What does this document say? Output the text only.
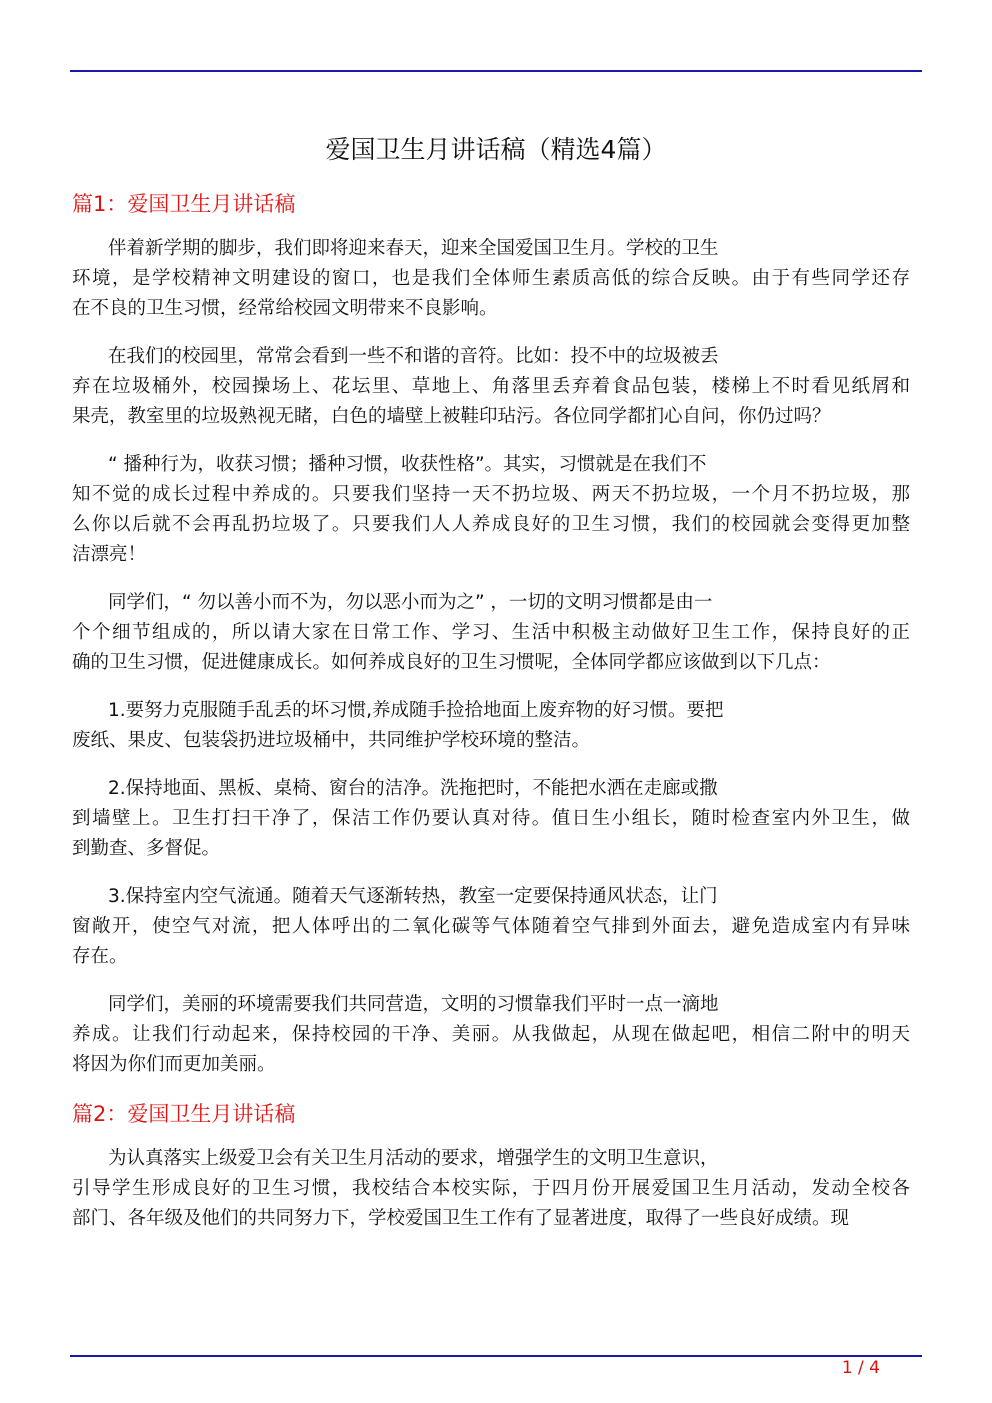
爱国卫生月讲话稿（精选4篇）
篇1：爱国卫生月讲话稿
伴着新学期的脚步，我们即将迎来春天，迎来全国爱国卫生月。学校的卫生
环境，是学校精神文明建设的窗口，也是我们全体师生素质高低的综合反映。由于有些同学还存
在不良的卫生习惯，经常给校园文明带来不良影响。
在我们的校园里，常常会看到一些不和谐的音符。比如：投不中的垃圾被丢
弃在垃圾桶外，校园操场上、花坛里、草地上、角落里丢弃着食品包装，楼梯上不时看见纸屑和
果壳，教室里的垃圾熟视无睹，白色的墙壁上被鞋印玷污。各位同学都扪心自问，你仍过吗？
“ 播种行为，收获习惯；播种习惯，收获性格”。其实，习惯就是在我们不
知不觉的成长过程中养成的。只要我们坚持一天不扔垃圾、两天不扔垃圾，一个月不扔垃圾，那
么你以后就不会再乱扔垃圾了。只要我们人人养成良好的卫生习惯，我们的校园就会变得更加整
洁漂亮！
同学们，“ 勿以善小而不为，勿以恶小而为之” ，一切的文明习惯都是由一
个个细节组成的，所以请大家在日常工作、学习、生活中积极主动做好卫生工作，保持良好的正
确的卫生习惯，促进健康成长。如何养成良好的卫生习惯呢，全体同学都应该做到以下几点：
1.要努力克服随手乱丢的坏习惯,养成随手捡拾地面上废弃物的好习惯。要把
废纸、果皮、包装袋扔进垃圾桶中，共同维护学校环境的整洁。
2.保持地面、黑板、桌椅、窗台的洁净。洗拖把时，不能把水洒在走廊或撒
到墙壁上。卫生打扫干净了，保洁工作仍要认真对待。值日生小组长，随时检查室内外卫生，做
到勤查、多督促。
3.保持室内空气流通。随着天气逐渐转热，教室一定要保持通风状态，让门
窗敞开，使空气对流，把人体呼出的二氧化碳等气体随着空气排到外面去，避免造成室内有异味
存在。
同学们，美丽的环境需要我们共同营造，文明的习惯靠我们平时一点一滴地
养成。让我们行动起来，保持校园的干净、美丽。从我做起，从现在做起吧，相信二附中的明天
将因为你们而更加美丽。
篇2：爱国卫生月讲话稿
为认真落实上级爱卫会有关卫生月活动的要求，增强学生的文明卫生意识，
引导学生形成良好的卫生习惯，我校结合本校实际，于四月份开展爱国卫生月活动，发动全校各
部门、各年级及他们的共同努力下，学校爱国卫生工作有了显著进度，取得了一些良好成绩。现
1 / 4
